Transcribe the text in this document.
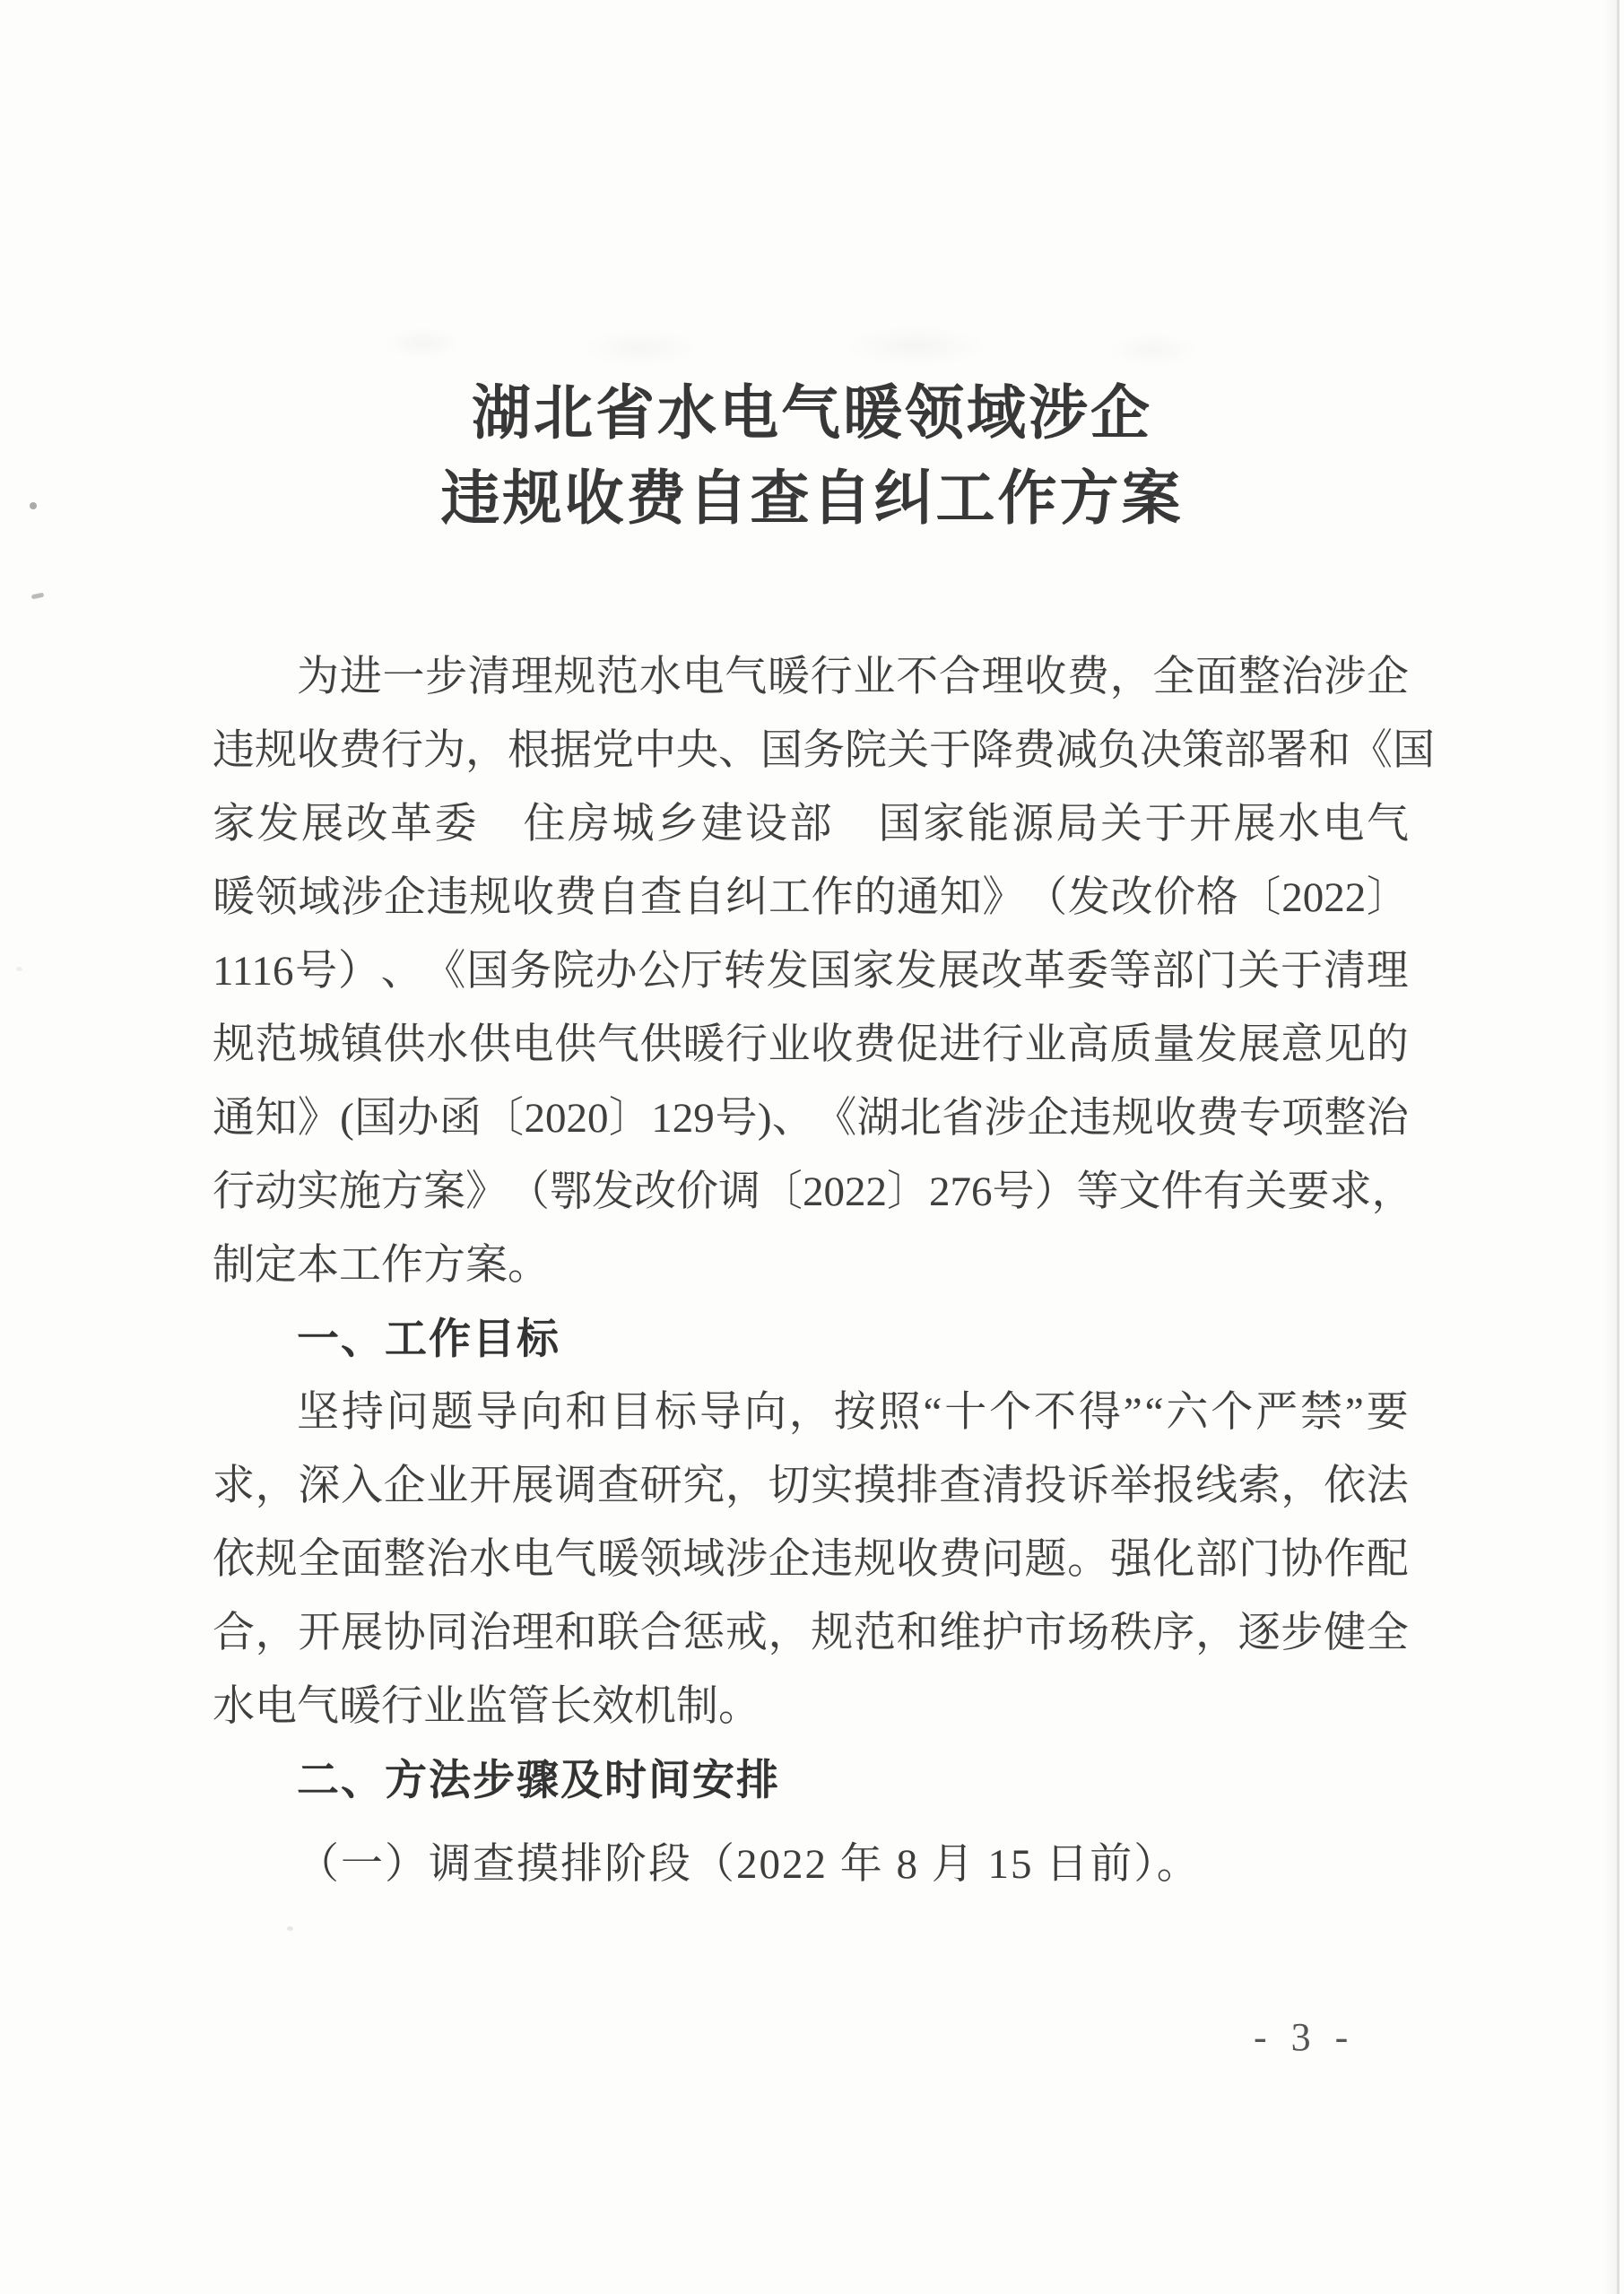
湖北省水电气暖领域涉企
违规收费自查自纠工作方案
为 进 一 步 清 理 规 范 水 电 气 暖 行 业 不 合 理 收 费 ， 全 面 整 治 涉 企
违 规 收 费 行 为 ， 根 据 党 中 央 、 国 务 院 关 于 降 费 减 负 决 策 部 署 和 《 国
家 发 展 改 革 委
　 住 房 城 乡 建 设 部
　 国 家 能 源 局 关 于 开 展 水 电 气
暖 领 域 涉 企 违 规 收 费 自 查 自 纠 工 作 的 通 知 》 （ 发 改 价 格 〔 2022 〕
1116 号 ） 、 《 国 务 院 办 公 厅 转 发 国 家 发 展 改 革 委 等 部 门 关 于 清 理
规 范 城 镇 供 水 供 电 供 气 供 暖 行 业 收 费 促 进 行 业 高 质 量 发 展 意 见 的
通 知 》 ( 国 办 函 〔 2020 〕 129 号 ) 、 《 湖 北 省 涉 企 违 规 收 费 专 项 整 治
行 动 实 施 方 案 》 （ 鄂 发 改 价 调 〔 2022 〕 276 号 ） 等 文 件 有 关 要 求 ，
制定本工作方案。
一、工作目标
坚 持 问 题 导 向 和 目 标 导 向 ， 按 照 “ 十 个 不 得 ” “ 六 个 严 禁 ” 要
求 ， 深 入 企 业 开 展 调 查 研 究 ， 切 实 摸 排 查 清 投 诉 举 报 线 索 ， 依 法
依 规 全 面 整 治 水 电 气 暖 领 域 涉 企 违 规 收 费 问 题 。 强 化 部 门 协 作 配
合 ， 开 展 协 同 治 理 和 联 合 惩 戒 ， 规 范 和 维 护 市 场 秩 序 ， 逐 步 健 全
水电气暖行业监管长效机制。
二、方法步骤及时间安排
（一）调查摸排阶段（2022 年 8 月 15 日前）。
- 3 -
